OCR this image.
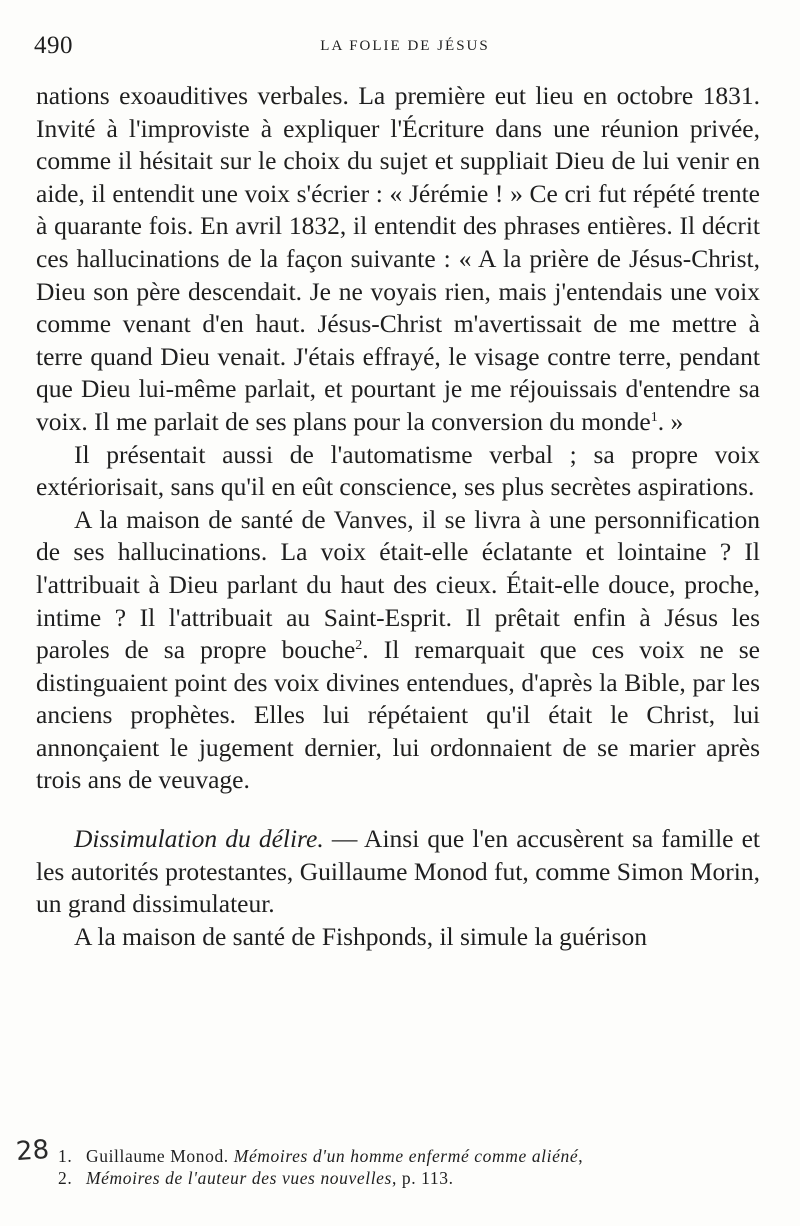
490	LA FOLIE DE JÉSUS

nations exoauditives verbales. La première eut lieu en octobre 1831. Invité à l'improviste à expliquer l'Écriture dans une réunion privée, comme il hésitait sur le choix du sujet et suppliait Dieu de lui venir en aide, il entendit une voix s'écrier : « Jérémie ! » Ce cri fut répété trente à quarante fois. En avril 1832, il entendit des phrases entières. Il décrit ces hallucinations de la façon suivante : « A la prière de Jésus-Christ, Dieu son père descendait. Je ne voyais rien, mais j'entendais une voix comme venant d'en haut. Jésus-Christ m'avertissait de me mettre à terre quand Dieu venait. J'étais effrayé, le visage contre terre, pendant que Dieu lui-même parlait, et pourtant je me réjouissais d'entendre sa voix. Il me parlait de ses plans pour la conversion du monde$^1$. »

Il présentait aussi de l'automatisme verbal ; sa propre voix extériorisait, sans qu'il en eût conscience, ses plus secrètes aspirations.

A la maison de santé de Vanves, il se livra à une personnification de ses hallucinations. La voix était-elle éclatante et lointaine ? Il l'attribuait à Dieu parlant du haut des cieux. Était-elle douce, proche, intime ? Il l'attribuait au Saint-Esprit. Il prêtait enfin à Jésus les paroles de sa propre bouche$^2$. Il remarquait que ces voix ne se distinguaient point des voix divines entendues, d'après la Bible, par les anciens prophètes. Elles lui répétaient qu'il était le Christ, lui annonçaient le jugement dernier, lui ordonnaient de se marier après trois ans de veuvage.

Dissimulation du délire. — Ainsi que l'en accusèrent sa famille et les autorités protestantes, Guillaume Monod fut, comme Simon Morin, un grand dissimulateur.

A la maison de santé de Fishponds, il simule la guérison

28 1. Guillaume Monod. Mémoires d'un homme enfermé comme aliéné,

2. Mémoires de l'auteur des vues nouvelles, p. 113.
